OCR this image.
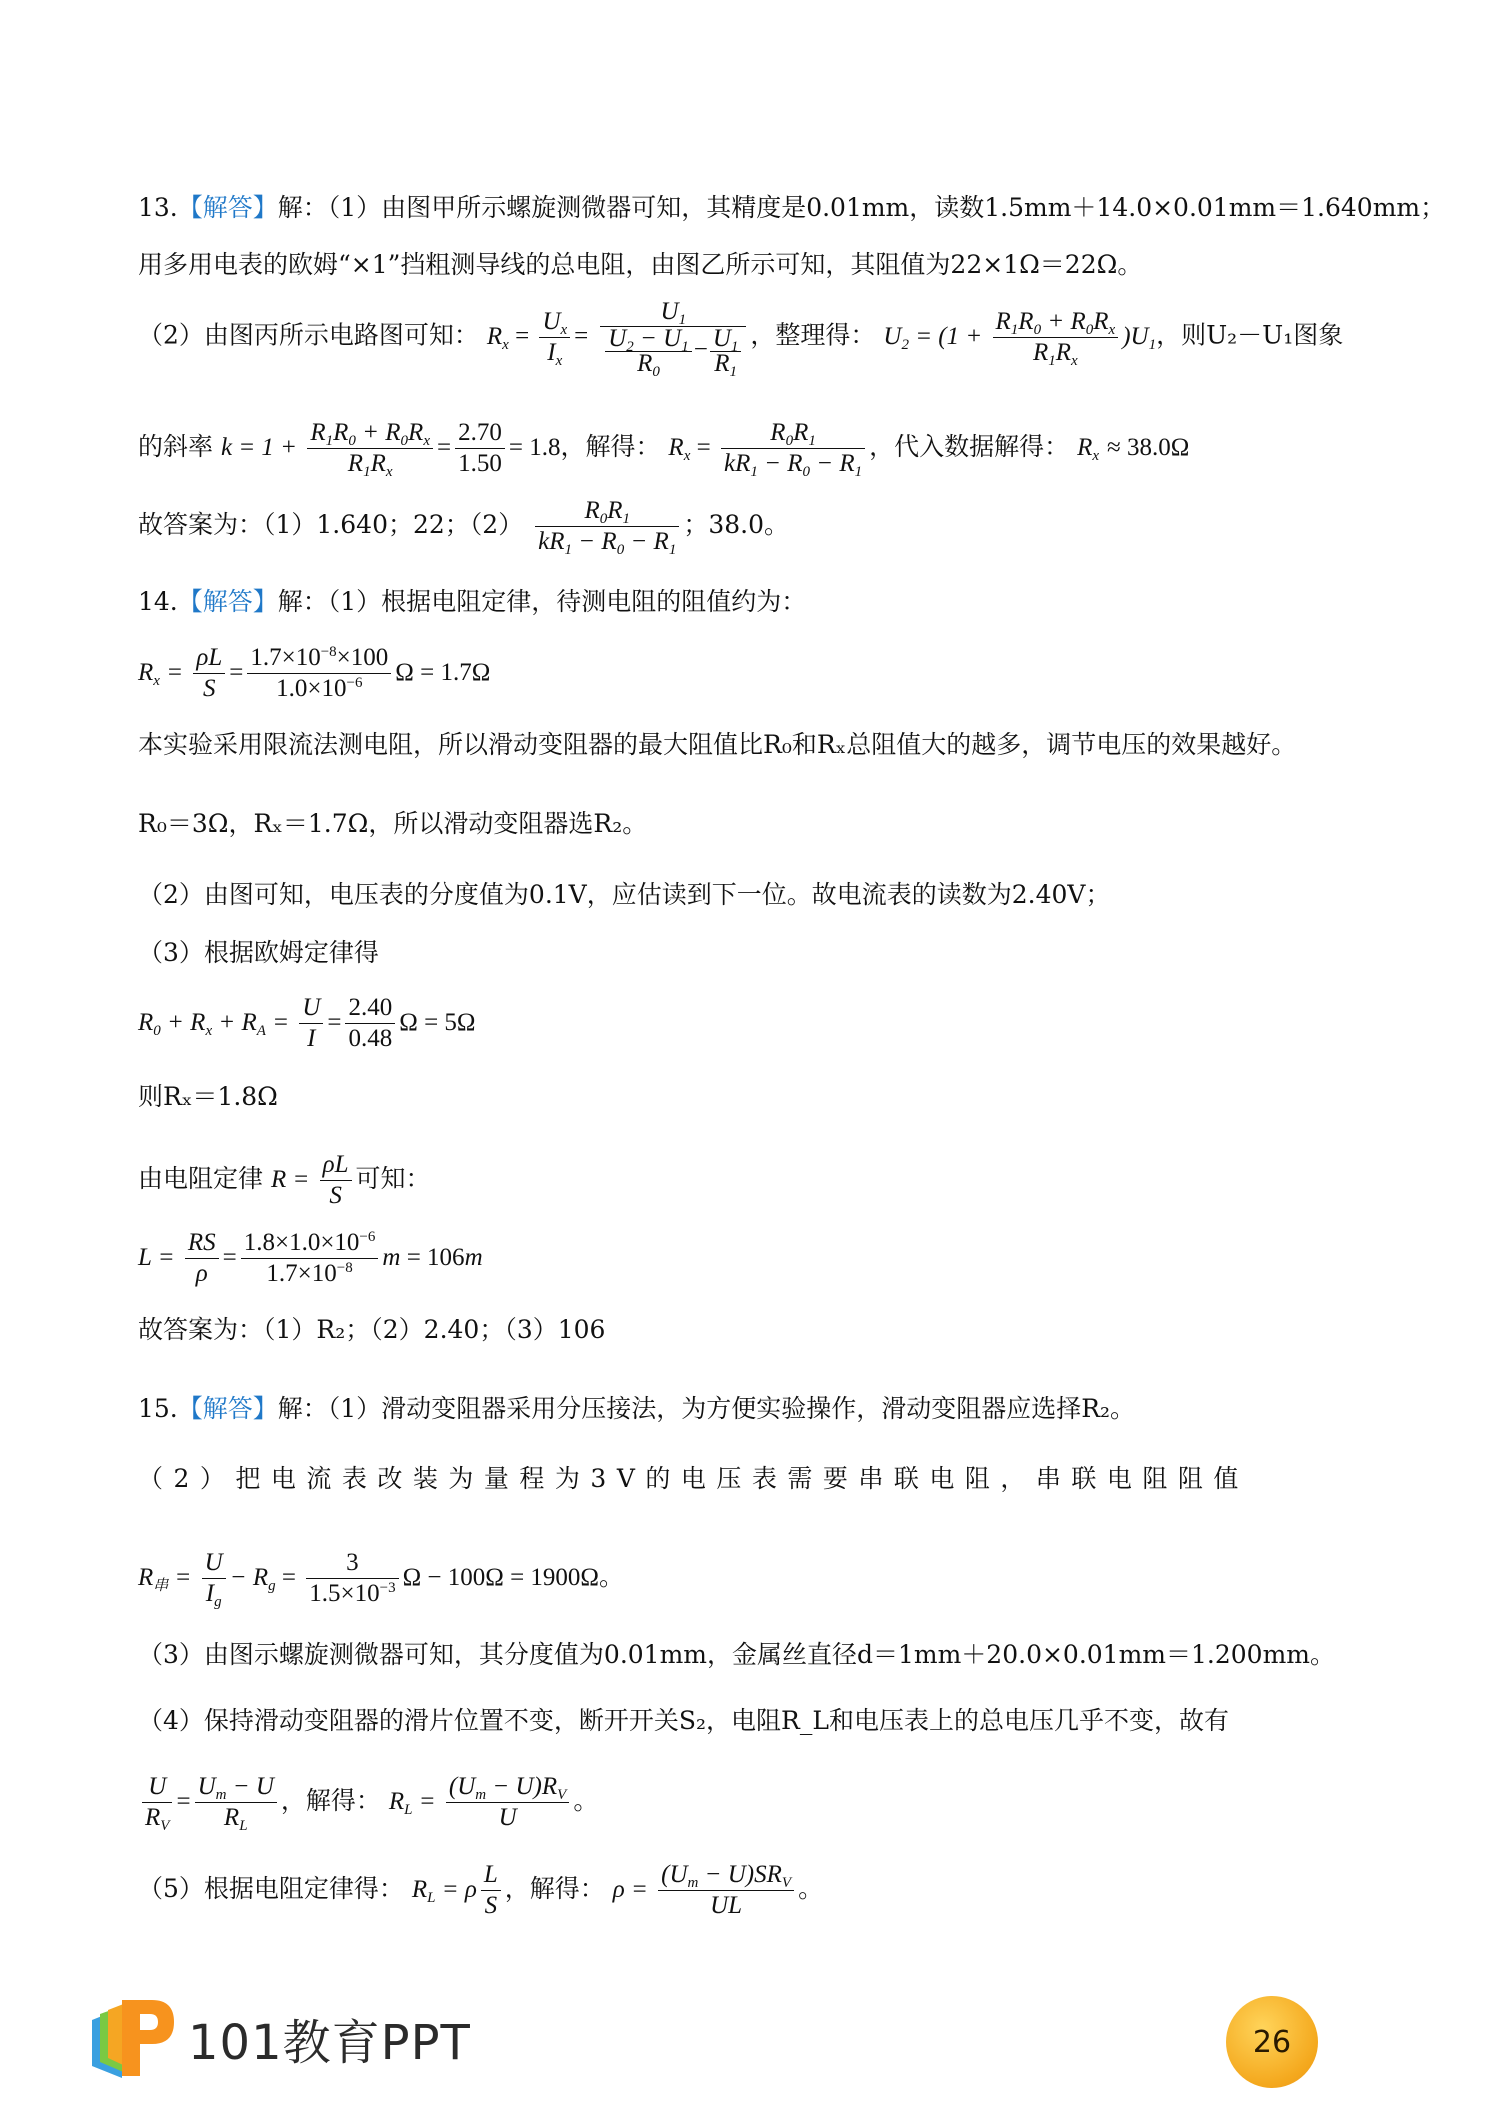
13.【解答】解：（1）由图甲所示螺旋测微器可知，其精度是0.01mm，读数1.5mm＋14.0×0.01mm＝1.640mm；
用多用电表的欧姆“×1”挡粗测导线的总电阻，由图乙所示可知，其阻值为22×1Ω＝22Ω。
（2）由图丙所示电路图可知： $R_x = \frac{U_x}{I_x} = \frac{U_1}{\frac{U_2 - U_1}{R_0} - \frac{U_1}{R_1}}$ ，整理得： $U_2 = (1 + \frac{R_1R_0 + R_0R_x}{R_1R_x} )U_1$，则U₂－U₁图象
的斜率 $k = 1 + \frac{R_1R_0 + R_0R_x}{R_1R_x} = \frac{2.70}{1.50} = 1.8$，解得： $R_x = \frac{R_0R_1}{kR_1 - R_0 - R_1}$ ，代入数据解得： $R_x \approx 38.0\Omega$
故答案为：（1）1.640；22；$(2) \frac{R_0R_1}{kR_1 - R_0 - R_1}$ ；38.0。
14.【解答】解：（1）根据电阻定律，待测电阻的阻值约为：
$R_x = \frac{\rho L}{S} = \frac{1.7\times 10^{-8}\times 100}{1.0\times 10^{-6}}$ Ω = 1.7Ω
本实验采用限流法测电阻，所以滑动变阻器的最大阻值比R₀和Rₓ总阻值大的越多，调节电压的效果越好。
R₀＝3Ω，Rₓ＝1.7Ω，所以滑动变阻器选R₂。
（2）由图可知，电压表的分度值为0.1V，应估读到下一位。故电流表的读数为2.40V；
（3）根据欧姆定律得
$R_0 + R_x + R_A = \frac{U}{I} = \frac{2.40}{0.48}$ Ω = 5Ω
则Rₓ＝1.8Ω
由电阻定律 $R = \frac{\rho L}{S}$ 可知：
$L = \frac{RS}{\rho} = \frac{1.8\times 1.0\times 10^{-6}}{1.7\times 10^{-8}}$ m = 106m
故答案为：（1）R₂；（2）2.40；（3）106
15.【解答】解：（1）滑动变阻器采用分压接法，为方便实验操作，滑动变阻器应选择R₂。
（2）把电流表改装为量程为3V的电压表需要串联电阻，串联电阻阻值
$R_串 = \frac{U}{I_g} - R_g = \frac{3}{1.5\times 10^{-3}}$ Ω − 100Ω = 1900Ω。
（3）由图示螺旋测微器可知，其分度值为0.01mm，金属丝直径d＝1mm＋20.0×0.01mm＝1.200mm。
（4）保持滑动变阻器的滑片位置不变，断开开关S₂，电阻R_L和电压表上的总电压几乎不变，故有
$\frac{U}{R_V} = \frac{U_m - U}{R_L}$ ，解得： $R_L = \frac{(U_m - U)R_V}{U}$ 。
（5）根据电阻定律得： $R_L = \rho \frac{L}{S}$ ，解得： $\rho = \frac{(U_m - U)SR_V}{UL}$ 。
101教育PPT	26
